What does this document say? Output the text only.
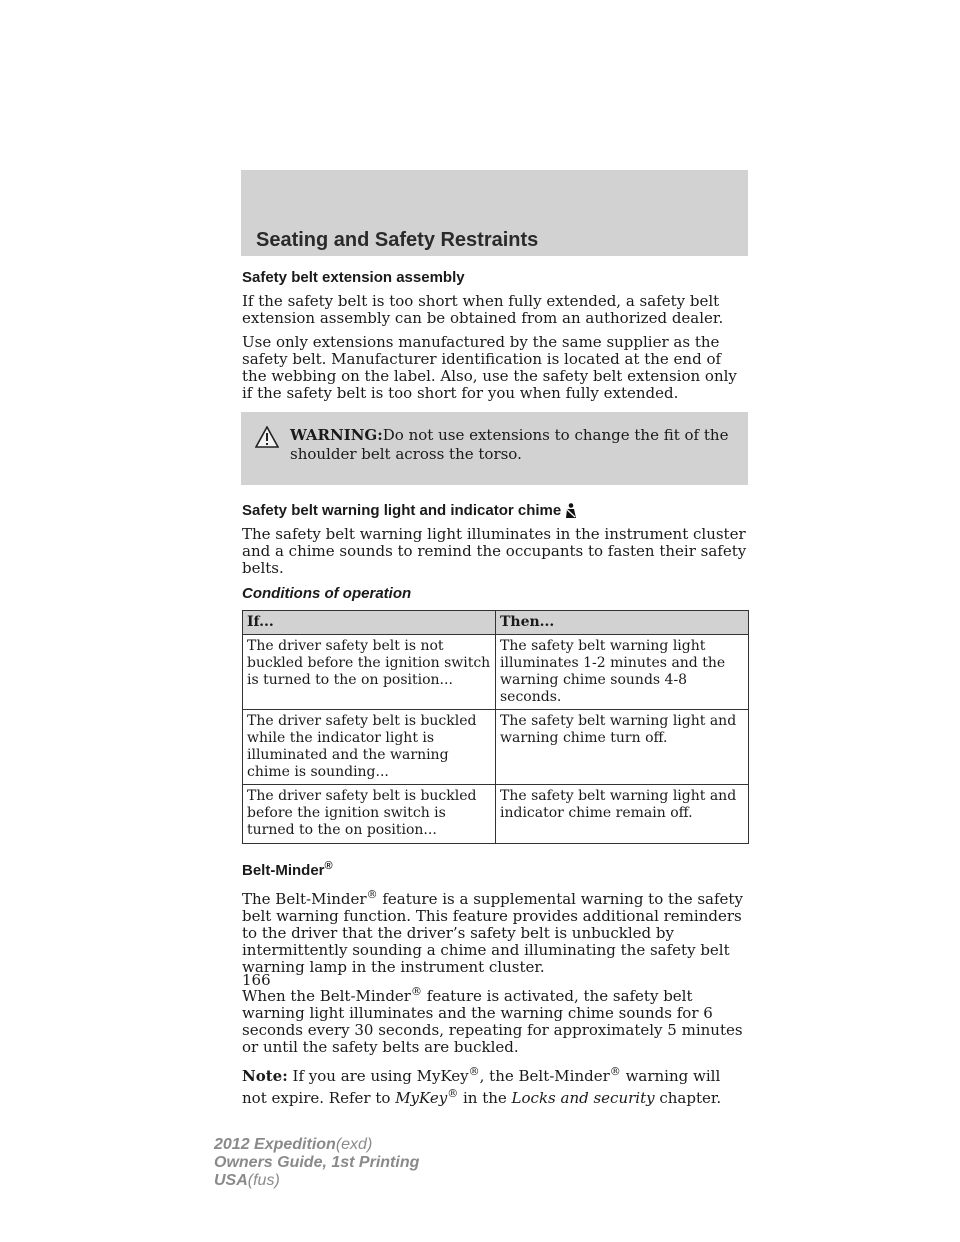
Seating and Safety Restraints
Safety belt extension assembly

If the safety belt is too short when fully extended, a safety belt extension assembly can be obtained from an authorized dealer.

Use only extensions manufactured by the same supplier as the safety belt. Manufacturer identification is located at the end of the webbing on the label. Also, use the safety belt extension only if the safety belt is too short for you when fully extended.

WARNING:Do not use extensions to change the fit of the shoulder belt across the torso.
Safety belt warning light and indicator chime

The safety belt warning light illuminates in the instrument cluster and a chime sounds to remind the occupants to fasten their safety belts.

Conditions of operation
If...	Then...
The driver safety belt is not buckled before the ignition switch is turned to the on position...	The safety belt warning light illuminates 1-2 minutes and the warning chime sounds 4-8 seconds.
The driver safety belt is buckled while the indicator light is illuminated and the warning chime is sounding...	The safety belt warning light and warning chime turn off.
The driver safety belt is buckled before the ignition switch is turned to the on position...	The safety belt warning light and indicator chime remain off.
Belt-Minder®

The Belt-Minder® feature is a supplemental warning to the safety belt warning function. This feature provides additional reminders to the driver that the driver’s safety belt is unbuckled by intermittently sounding a chime and illuminating the safety belt warning lamp in the instrument cluster.

When the Belt-Minder® feature is activated, the safety belt warning light illuminates and the warning chime sounds for 6 seconds every 30 seconds, repeating for approximately 5 minutes or until the safety belts are buckled.

Note: If you are using MyKey®, the Belt-Minder® warning will not expire. Refer to MyKey® in the Locks and security chapter.

166
2012 Expedition(exd)
Owners Guide, 1st Printing
USA(fus)
